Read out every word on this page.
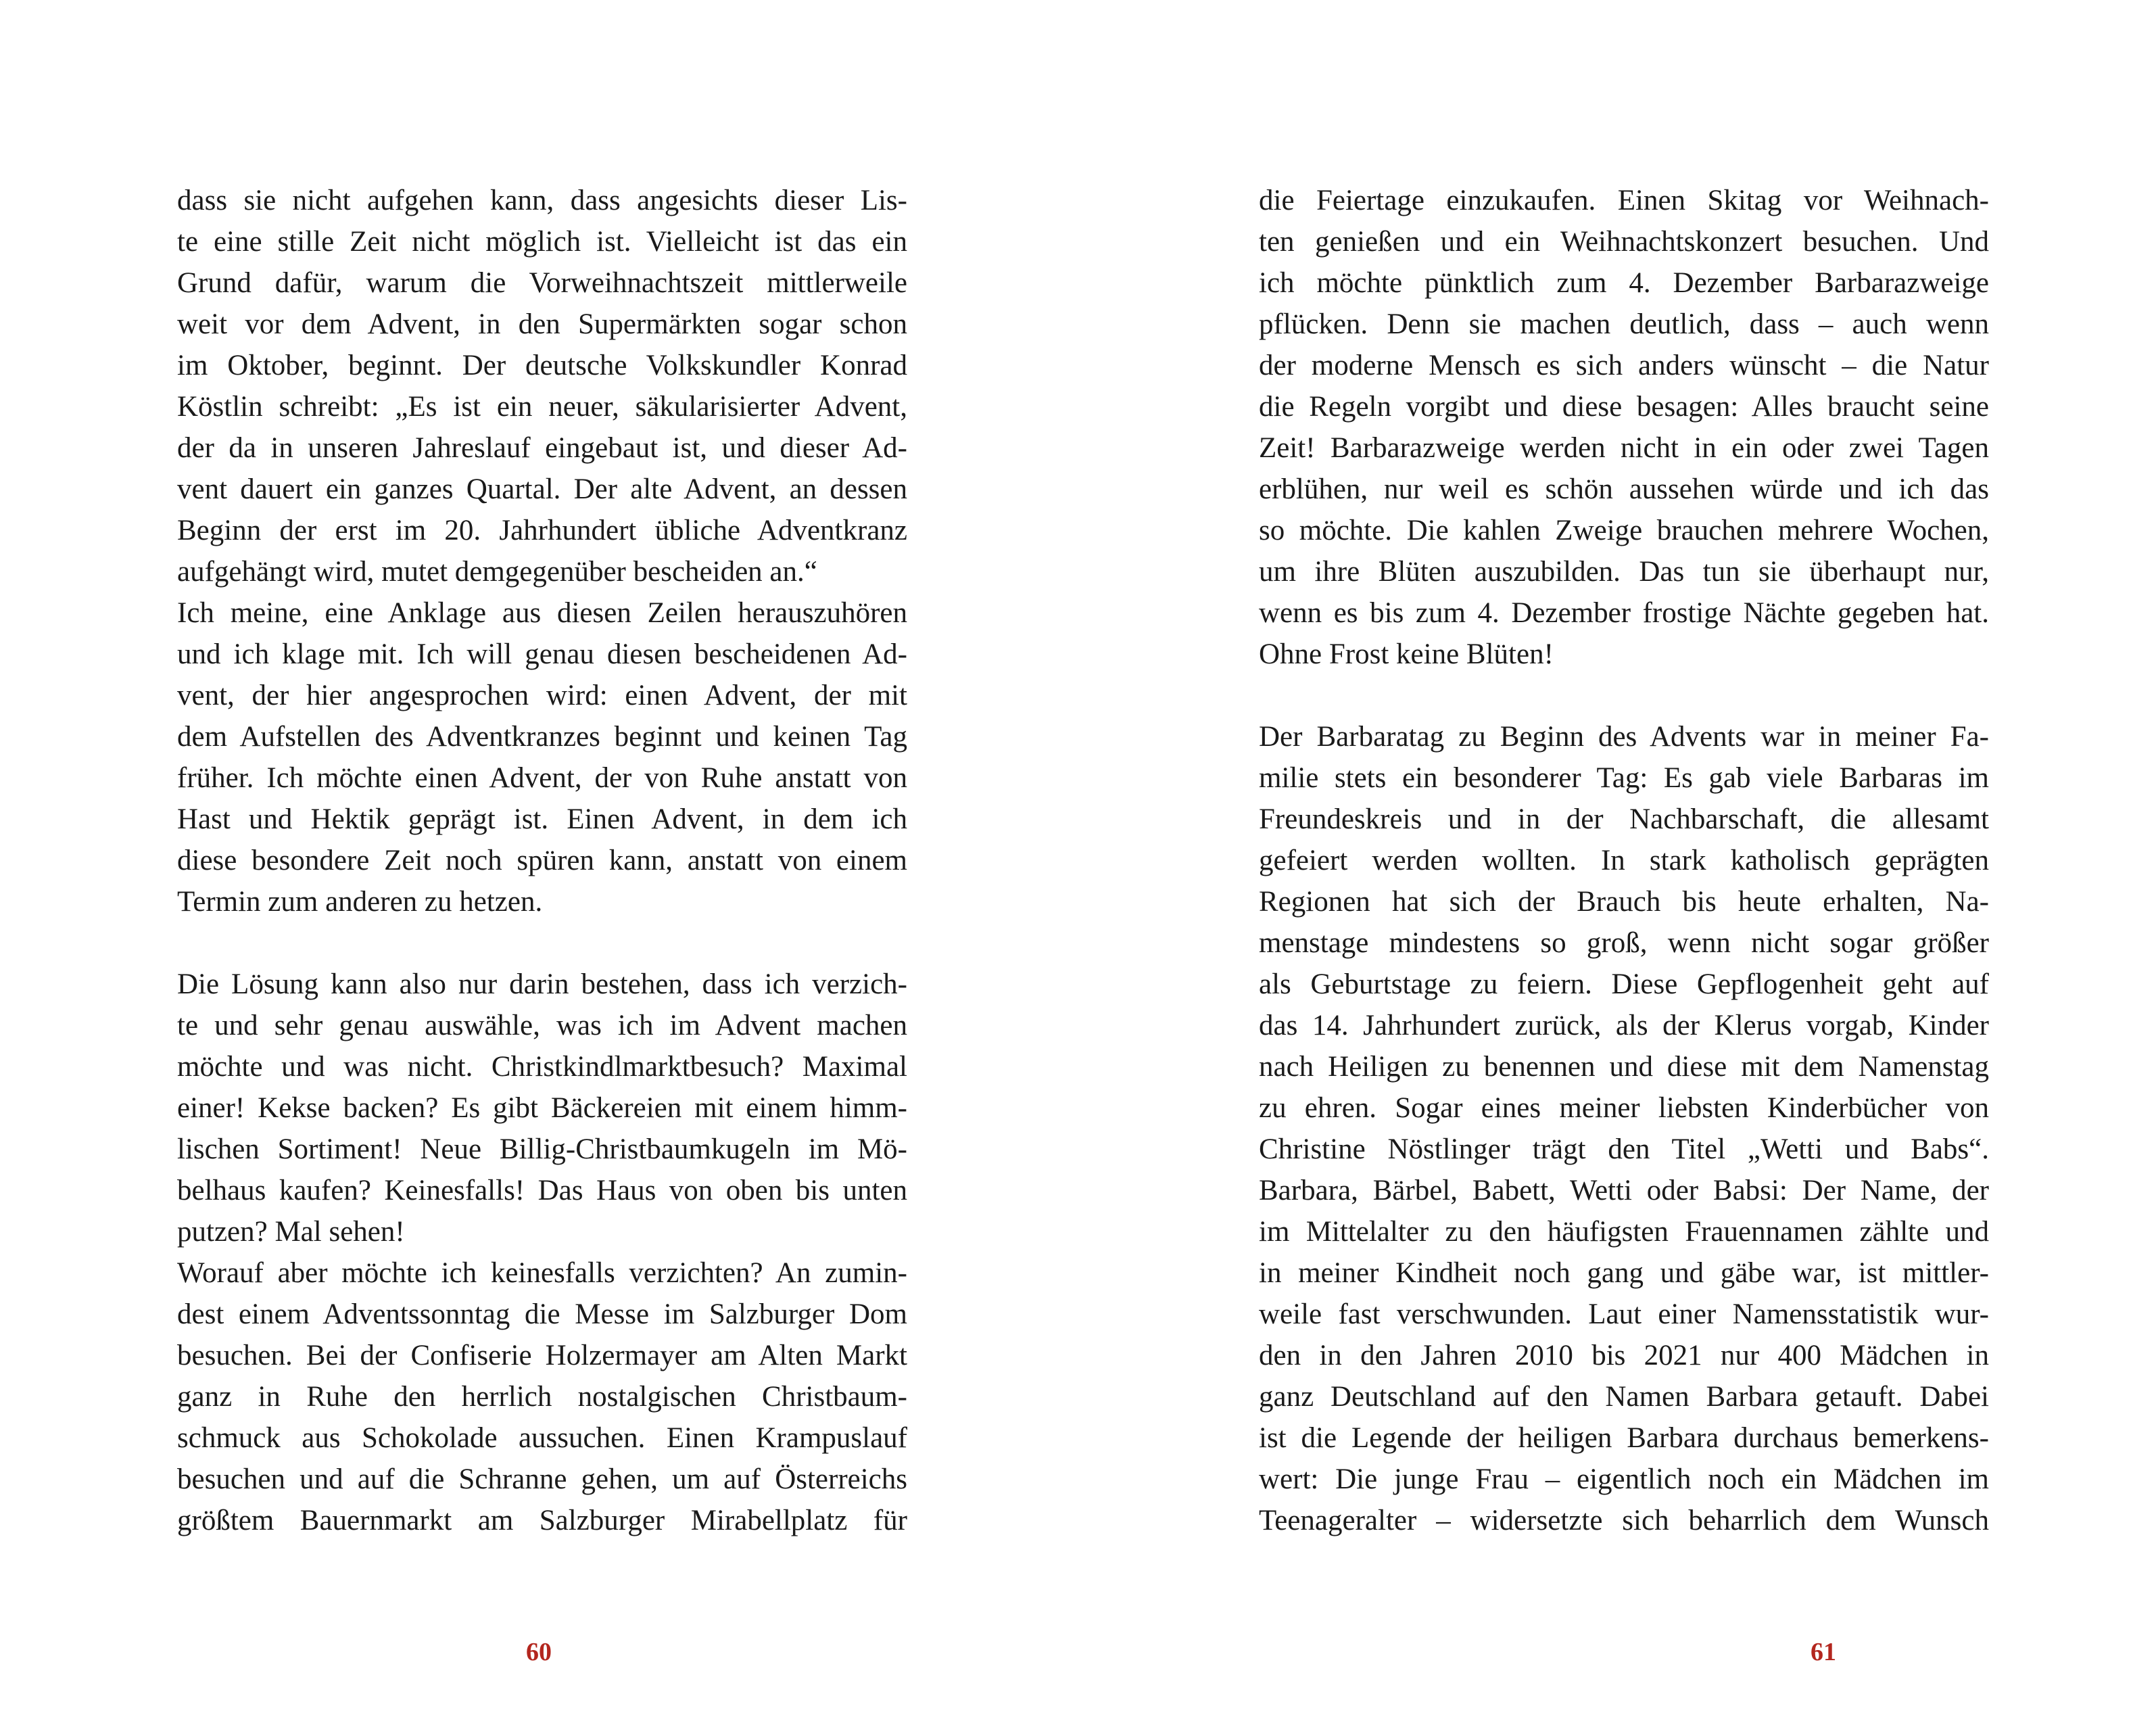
dass sie nicht aufgehen kann, dass angesichts dieser Lis-
te eine stille Zeit nicht möglich ist. Vielleicht ist das ein
Grund dafür, warum die Vorweihnachtszeit mittlerweile
weit vor dem Advent, in den Supermärkten sogar schon
im Oktober, beginnt. Der deutsche Volkskundler Konrad
Köstlin schreibt: „Es ist ein neuer, säkularisierter Advent,
der da in unseren Jahreslauf eingebaut ist, und dieser Ad-
vent dauert ein ganzes Quartal. Der alte Advent, an dessen
Beginn der erst im 20. Jahrhundert übliche Adventkranz
aufgehängt wird, mutet demgegenüber bescheiden an.“
Ich meine, eine Anklage aus diesen Zeilen herauszuhören
und ich klage mit. Ich will genau diesen bescheidenen Ad-
vent, der hier angesprochen wird: einen Advent, der mit
dem Aufstellen des Adventkranzes beginnt und keinen Tag
früher. Ich möchte einen Advent, der von Ruhe anstatt von
Hast und Hektik geprägt ist. Einen Advent, in dem ich
diese besondere Zeit noch spüren kann, anstatt von einem
Termin zum anderen zu hetzen.
Die Lösung kann also nur darin bestehen, dass ich verzich-
te und sehr genau auswähle, was ich im Advent machen
möchte und was nicht. Christkindlmarktbesuch? Maximal
einer! Kekse backen? Es gibt Bäckereien mit einem himm-
lischen Sortiment! Neue Billig-Christbaumkugeln im Mö-
belhaus kaufen? Keinesfalls! Das Haus von oben bis unten
putzen? Mal sehen!
Worauf aber möchte ich keinesfalls verzichten? An zumin-
dest einem Adventssonntag die Messe im Salzburger Dom
besuchen. Bei der Confiserie Holzermayer am Alten Markt
ganz in Ruhe den herrlich nostalgischen Christbaum-
schmuck aus Schokolade aussuchen. Einen Krampuslauf
besuchen und auf die Schranne gehen, um auf Österreichs
größtem Bauernmarkt am Salzburger Mirabellplatz für
60
die Feiertage einzukaufen. Einen Skitag vor Weihnach-
ten genießen und ein Weihnachtskonzert besuchen. Und
ich möchte pünktlich zum 4. Dezember Barbarazweige
pflücken. Denn sie machen deutlich, dass – auch wenn
der moderne Mensch es sich anders wünscht – die Natur
die Regeln vorgibt und diese besagen: Alles braucht seine
Zeit! Barbarazweige werden nicht in ein oder zwei Tagen
erblühen, nur weil es schön aussehen würde und ich das
so möchte. Die kahlen Zweige brauchen mehrere Wochen,
um ihre Blüten auszubilden. Das tun sie überhaupt nur,
wenn es bis zum 4. Dezember frostige Nächte gegeben hat.
Ohne Frost keine Blüten!
Der Barbaratag zu Beginn des Advents war in meiner Fa-
milie stets ein besonderer Tag: Es gab viele Barbaras im
Freundeskreis und in der Nachbarschaft, die allesamt
gefeiert werden wollten. In stark katholisch geprägten
Regionen hat sich der Brauch bis heute erhalten, Na-
menstage mindestens so groß, wenn nicht sogar größer
als Geburtstage zu feiern. Diese Gepflogenheit geht auf
das 14. Jahrhundert zurück, als der Klerus vorgab, Kinder
nach Heiligen zu benennen und diese mit dem Namenstag
zu ehren. Sogar eines meiner liebsten Kinderbücher von
Christine Nöstlinger trägt den Titel „Wetti und Babs“.
Barbara, Bärbel, Babett, Wetti oder Babsi: Der Name, der
im Mittelalter zu den häufigsten Frauennamen zählte und
in meiner Kindheit noch gang und gäbe war, ist mittler-
weile fast verschwunden. Laut einer Namensstatistik wur-
den in den Jahren 2010 bis 2021 nur 400 Mädchen in
ganz Deutschland auf den Namen Barbara getauft. Dabei
ist die Legende der heiligen Barbara durchaus bemerkens-
wert: Die junge Frau – eigentlich noch ein Mädchen im
Teenageralter – widersetzte sich beharrlich dem Wunsch
61
